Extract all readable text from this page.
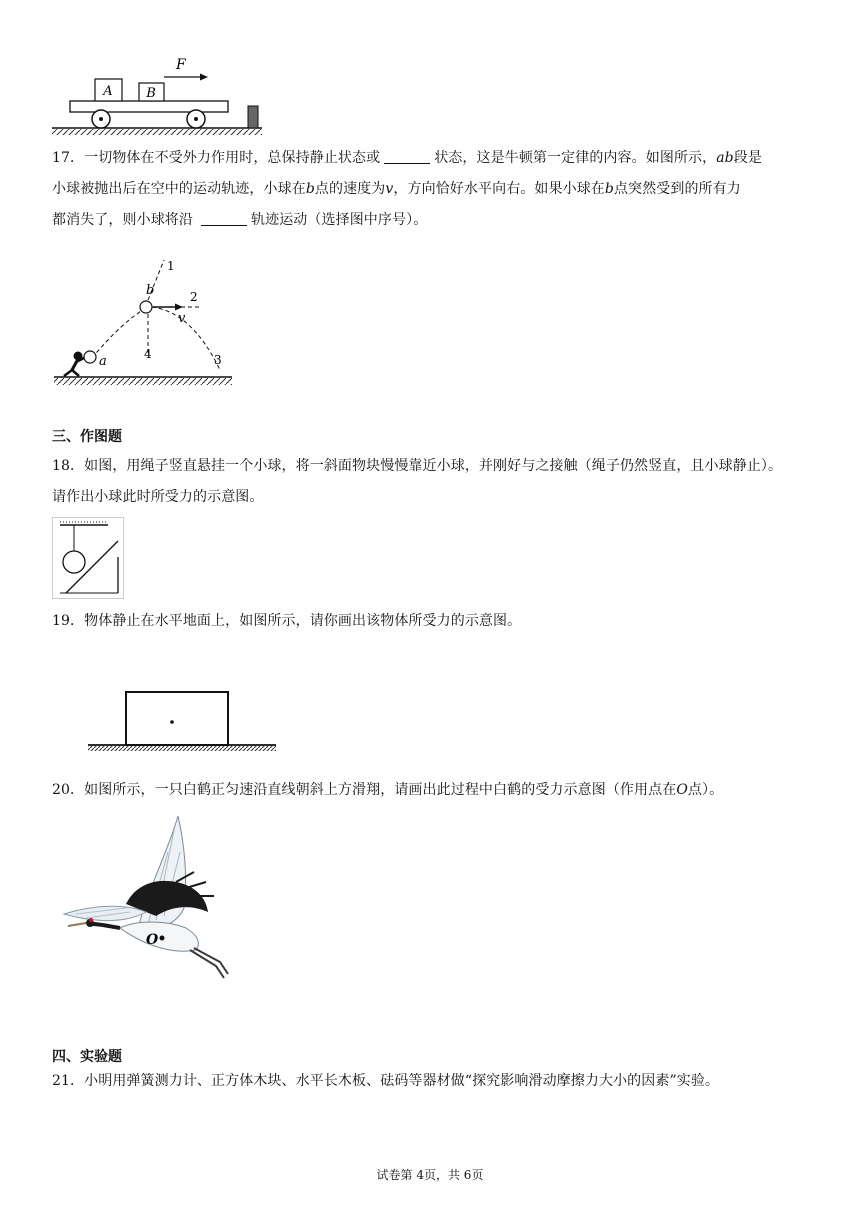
A	B
F
17．一切物体在不受外力作用时，总保持静止状态或	状态，这是牛顿第一定律的内容。如图所示，ab段是
小球被抛出后在空中的运动轨迹，小球在b点的速度为v，方向恰好水平向右。如果小球在b点突然受到的所有力
都消失了，则小球将沿	轨迹运动（选择图中序号）。
b
v
a
1
2
3
4
三、作图题
18．如图，用绳子竖直悬挂一个小球，将一斜面物块慢慢靠近小球，并刚好与之接触（绳子仍然竖直，且小球静止）。
请作出小球此时所受力的示意图。
19．物体静止在水平地面上，如图所示，请你画出该物体所受力的示意图。
20．如图所示，一只白鹤正匀速沿直线朝斜上方滑翔，请画出此过程中白鹤的受力示意图（作用点在O点）。
O
四、实验题
21．小明用弹簧测力计、正方体木块、水平长木板、砝码等器材做“探究影响滑动摩擦力大小的因素”实验。
试卷第 4页，共 6页
